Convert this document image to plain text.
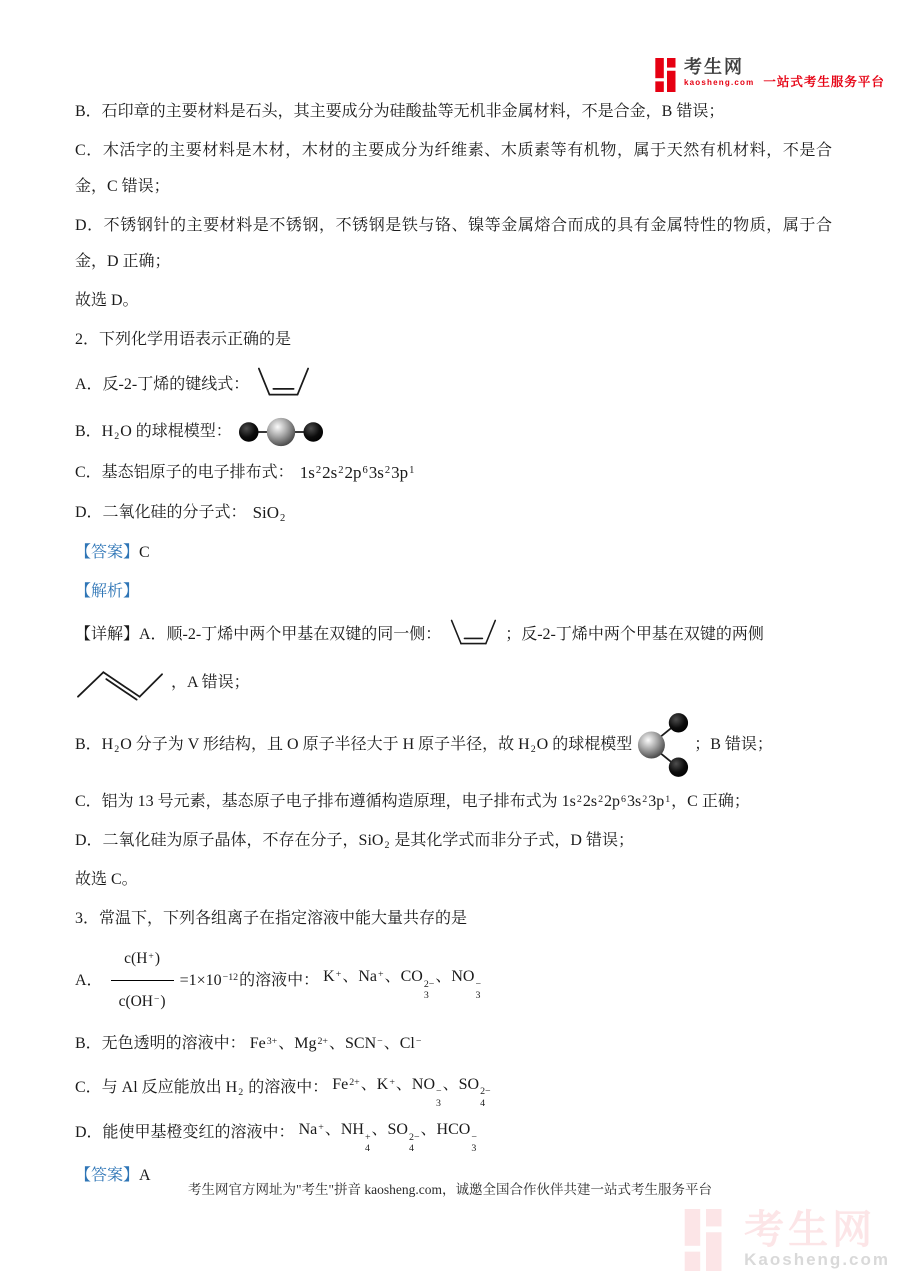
考生网
kaosheng.com 一站式考生服务平台

B．石印章的主要材料是石头，其主要成分为硅酸盐等无机非金属材料，不是合金，B 错误；

C．木活字的主要材料是木材，木材的主要成分为纤维素、木质素等有机物，属于天然有机材料，不是合金，C 错误；

D．不锈钢针的主要材料是不锈钢，不锈钢是铁与铬、镍等金属熔合而成的具有金属特性的物质，属于合金，D 正确；

故选 D。

2．下列化学用语表示正确的是

A．反-2-丁烯的键线式：
B．$H_2O$ 的球棍模型：
C．基态铝原子的电子排布式： $1s^22s^22p^63s^23p^1$
D．二氧化硅的分子式： SiO$_2$

【答案】C

【解析】

【详解】A．顺-2-丁烯中两个甲基在双键的同一侧：	；反-2-丁烯中两个甲基在双键的两侧
，A 错误；
B．$H_2O$ 分子为 V 形结构，且 O 原子半径大于 H 原子半径，故 $H_2O$ 的球棍模型	；B 错误；

C．铝为 13 号元素，基态原子电子排布遵循构造原理，电子排布式为 $1s^22s^22p^63s^23p^1$，C 正确；

D．二氧化硅为原子晶体，不存在分子，SiO$_2$ 是其化学式而非分子式，D 错误；

故选 C。

3．常温下，下列各组离子在指定溶液中能大量共存的是

A． $\frac{c(H^+)}{c(OH^-)} =1\times 10^{-12}$ 的溶液中： K+、Na+、CO 2−
3
、NO −
3
B．无色透明的溶液中： $Fe^{3+}$、$Mg^{2+}$、SCN−、Cl−
C．与 Al 反应能放出 $H_2$ 的溶液中： $Fe^{2+}$、K+、NO −
3
、SO 2−
4
D．能使甲基橙变红的溶液中： Na+、NH +
4
、SO 2−
4
、HCO −
3

【答案】A

考生网官方网址为"考生"拼音 kaosheng.com，诚邀全国合作伙伴共建一站式考生服务平台
考生网
Kaosheng.com
